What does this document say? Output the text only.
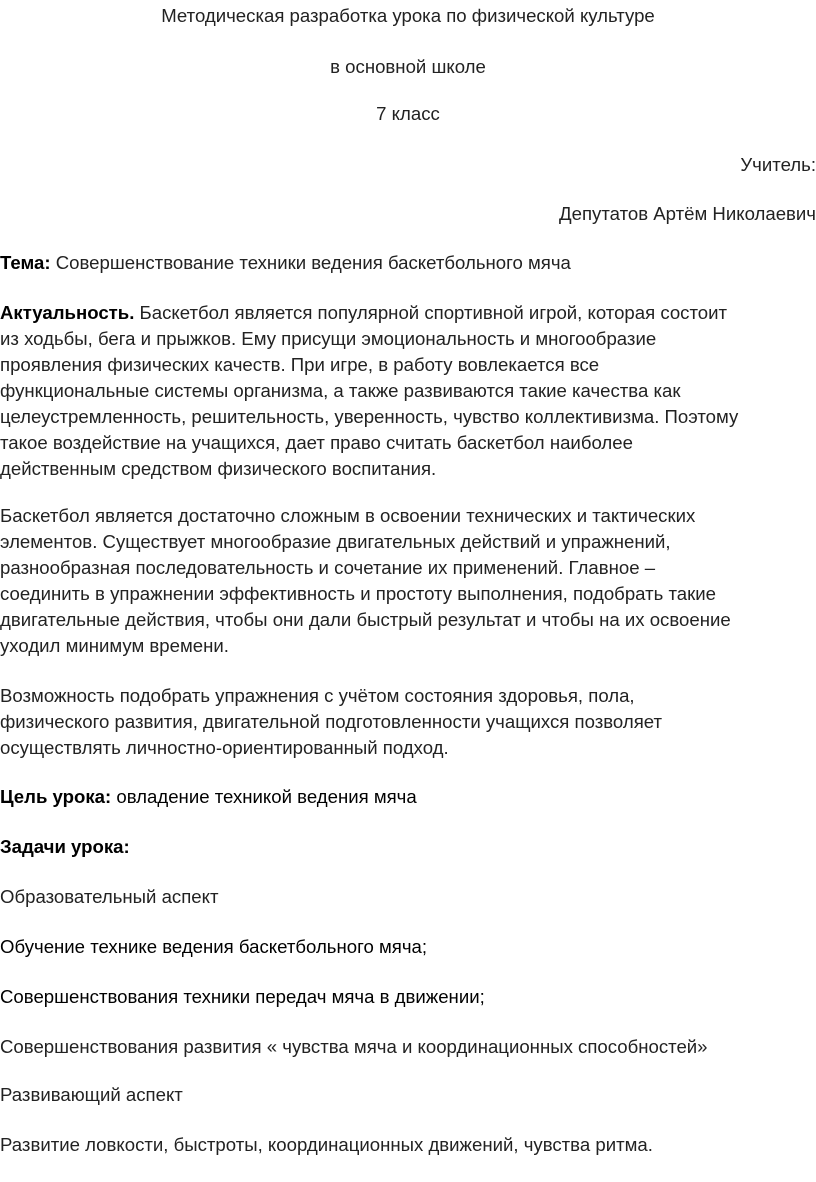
Методическая разработка урока по физической культуре

в основной школе

7 класс

Учитель:

Депутатов Артём Николаевич

Тема: Совершенствование техники ведения баскетбольного мяча

Актуальность. Баскетбол является популярной спортивной игрой, которая состоит
из ходьбы, бега и прыжков. Ему присущи эмоциональность и многообразие
проявления физических качеств. При игре, в работу вовлекается все
функциональные системы организма, а также развиваются такие качества как
целеустремленность, решительность, уверенность, чувство коллективизма. Поэтому
такое воздействие на учащихся, дает право считать баскетбол наиболее
действенным средством физического воспитания.
Баскетбол является достаточно сложным в освоении технических и тактических
элементов. Существует многообразие двигательных действий и упражнений,
разнообразная последовательность и сочетание их применений. Главное –
соединить в упражнении эффективность и простоту выполнения, подобрать такие
двигательные действия, чтобы они дали быстрый результат и чтобы на их освоение
уходил минимум времени.
Возможность подобрать упражнения с учётом состояния здоровья, пола,
физического развития, двигательной подготовленности учащихся позволяет
осуществлять личностно-ориентированный подход.

Цель урока: овладение техникой ведения мяча

Задачи урока:

Образовательный аспект

Обучение технике ведения баскетбольного мяча;

Совершенствования техники передач мяча в движении;

Совершенствования развития « чувства мяча и координационных способностей»

Развивающий аспект

Развитие ловкости, быстроты, координационных движений, чувства ритма.
